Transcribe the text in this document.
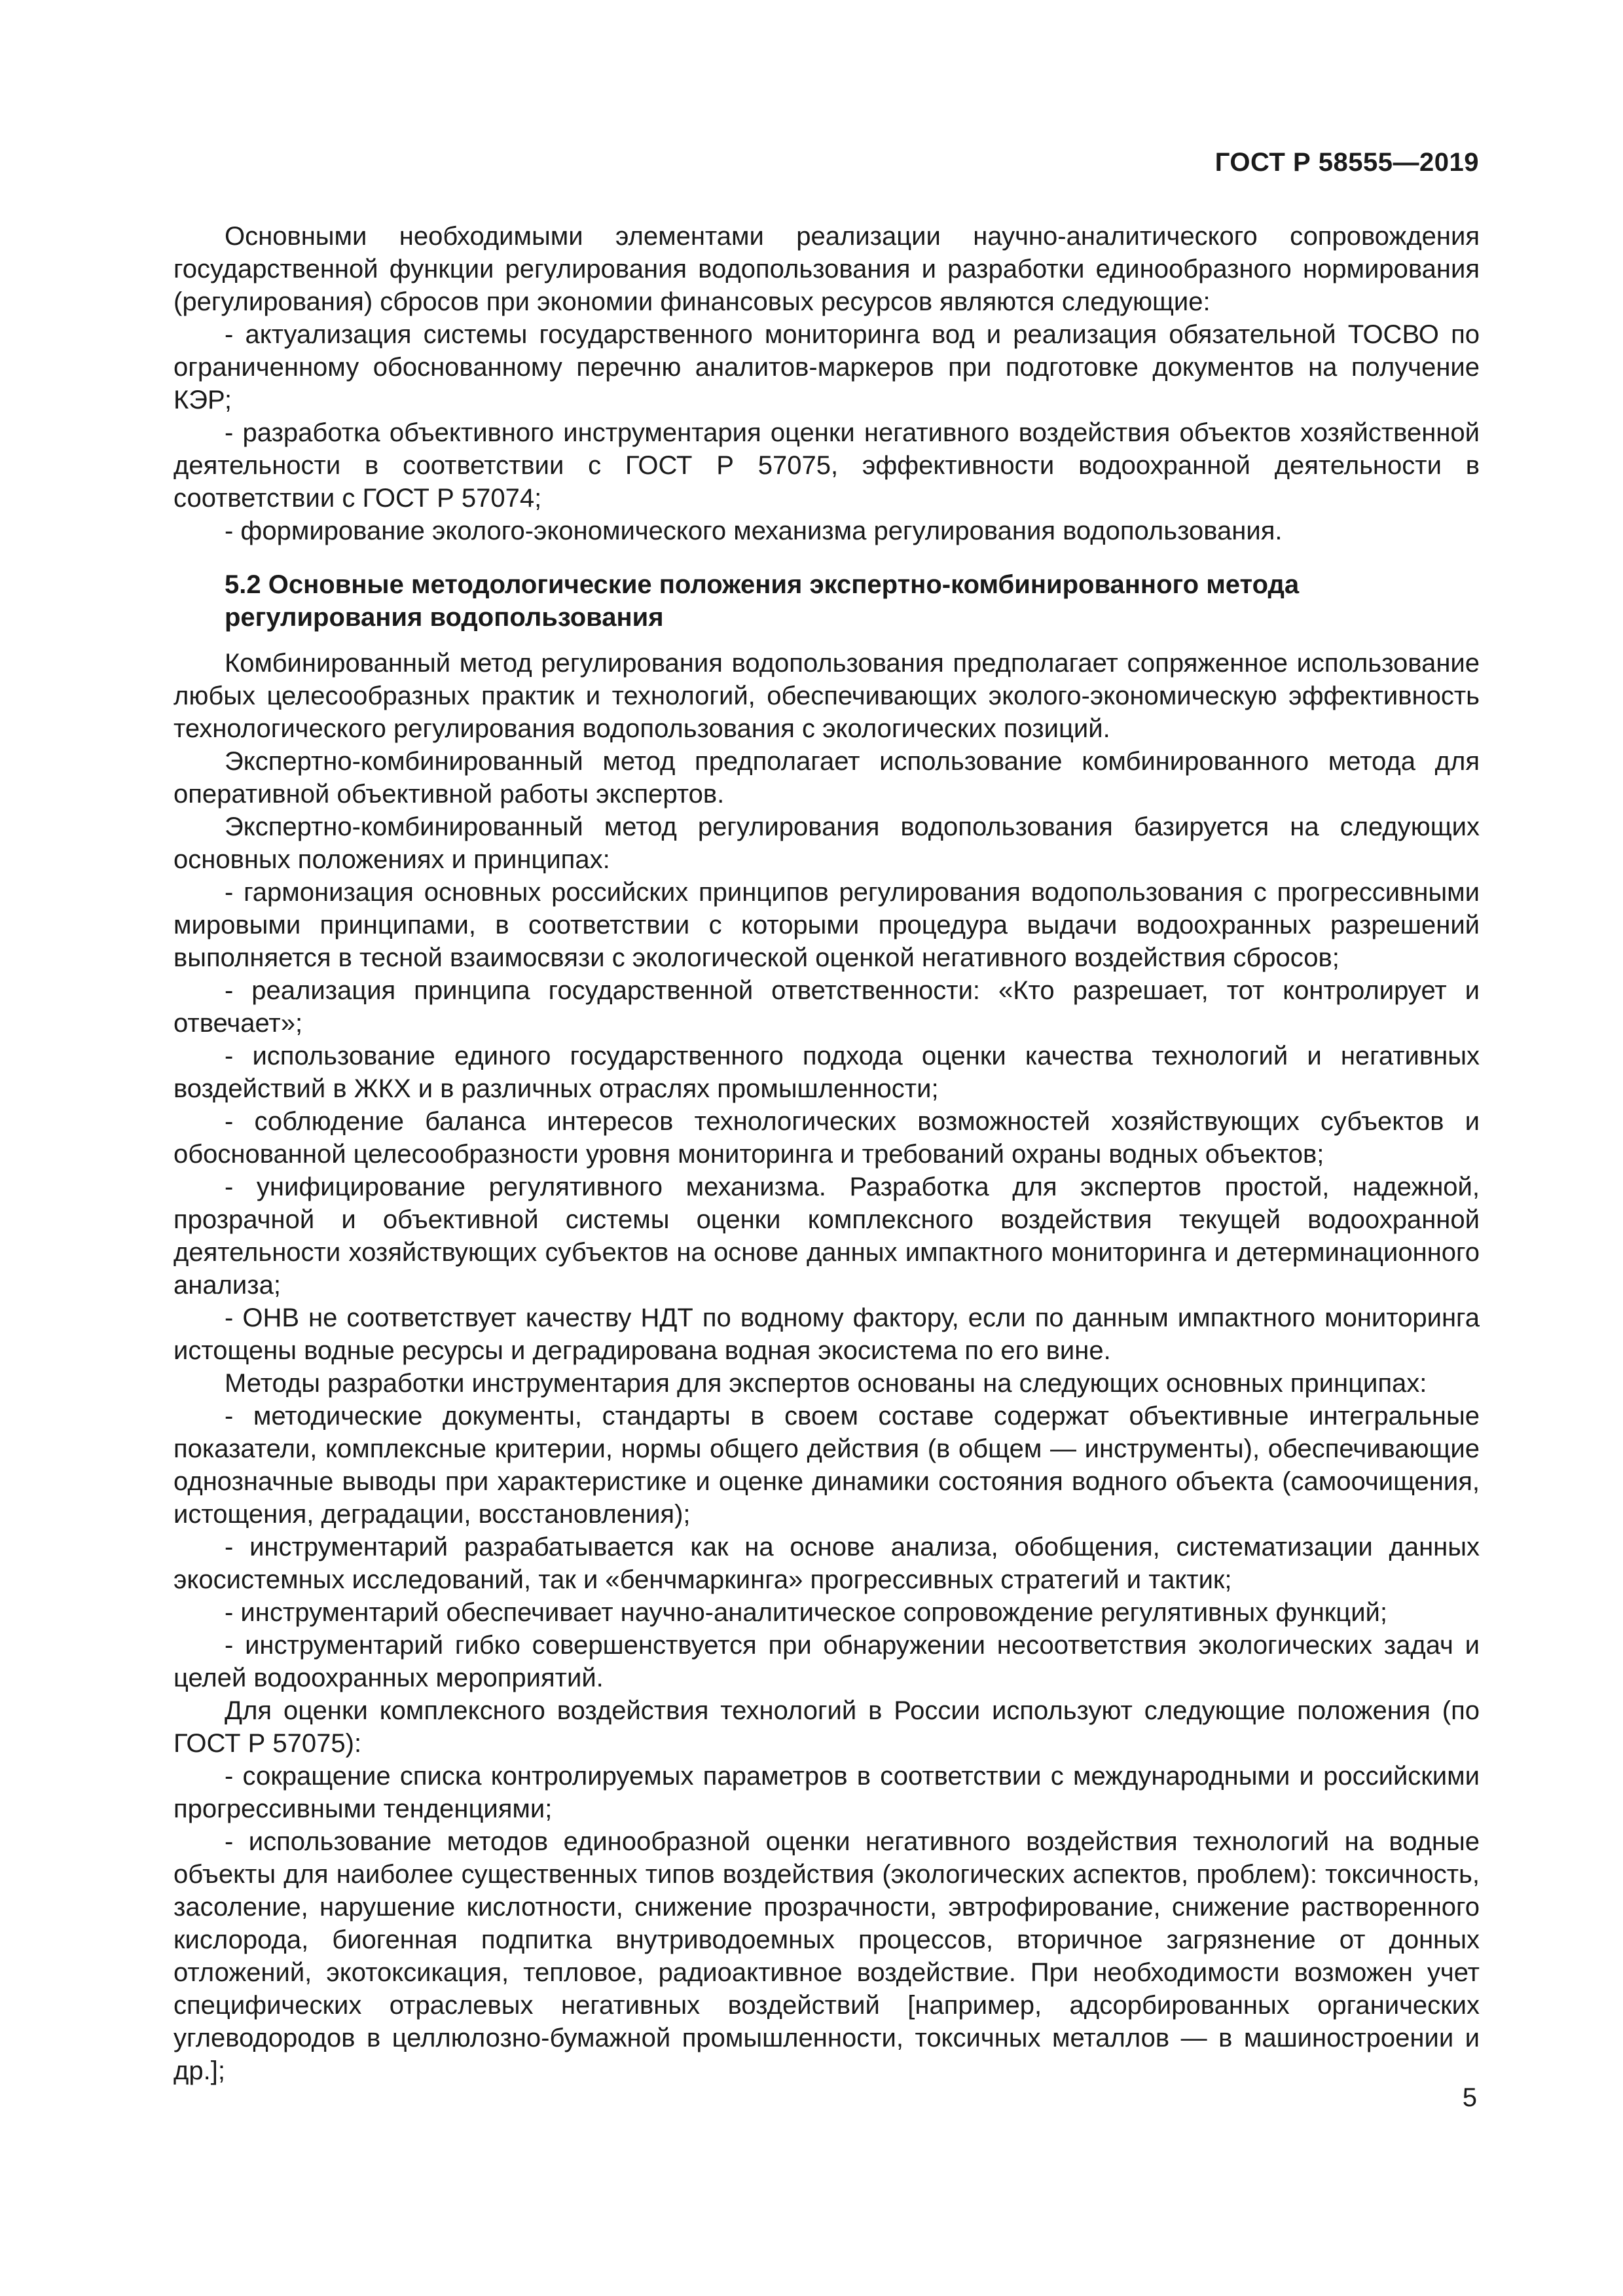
ГОСТ Р 58555—2019

Основными необходимыми элементами реализации научно-аналитического сопровождения государственной функции регулирования водопользования и разработки единообразного нормирования (регулирования) сбросов при экономии финансовых ресурсов являются следующие:

- актуализация системы государственного мониторинга вод и реализация обязательной ТОСВО по ограниченному обоснованному перечню аналитов-маркеров при подготовке документов на получение КЭР;

- разработка объективного инструментария оценки негативного воздействия объектов хозяйственной деятельности в соответствии с ГОСТ Р 57075, эффективности водоохранной деятельности в соответствии с ГОСТ Р 57074;

- формирование эколого-экономического механизма регулирования водопользования.

5.2 Основные методологические положения экспертно-комбинированного метода регулирования водопользования

Комбинированный метод регулирования водопользования предполагает сопряженное использование любых целесообразных практик и технологий, обеспечивающих эколого-экономическую эффективность технологического регулирования водопользования с экологических позиций.

Экспертно-комбинированный метод предполагает использование комбинированного метода для оперативной объективной работы экспертов.

Экспертно-комбинированный метод регулирования водопользования базируется на следующих основных положениях и принципах:

- гармонизация основных российских принципов регулирования водопользования с прогрессивными мировыми принципами, в соответствии с которыми процедура выдачи водоохранных разрешений выполняется в тесной взаимосвязи с экологической оценкой негативного воздействия сбросов;

- реализация принципа государственной ответственности: «Кто разрешает, тот контролирует и отвечает»;

- использование единого государственного подхода оценки качества технологий и негативных воздействий в ЖКХ и в различных отраслях промышленности;

- соблюдение баланса интересов технологических возможностей хозяйствующих субъектов и обоснованной целесообразности уровня мониторинга и требований охраны водных объектов;

- унифицирование регулятивного механизма. Разработка для экспертов простой, надежной, прозрачной и объективной системы оценки комплексного воздействия текущей водоохранной деятельности хозяйствующих субъектов на основе данных импактного мониторинга и детерминационного анализа;

- ОНВ не соответствует качеству НДТ по водному фактору, если по данным импактного мониторинга истощены водные ресурсы и деградирована водная экосистема по его вине.

Методы разработки инструментария для экспертов основаны на следующих основных принципах:

- методические документы, стандарты в своем составе содержат объективные интегральные показатели, комплексные критерии, нормы общего действия (в общем — инструменты), обеспечивающие однозначные выводы при характеристике и оценке динамики состояния водного объекта (самоочищения, истощения, деградации, восстановления);

- инструментарий разрабатывается как на основе анализа, обобщения, систематизации данных экосистемных исследований, так и «бенчмаркинга» прогрессивных стратегий и тактик;

- инструментарий обеспечивает научно-аналитическое сопровождение регулятивных функций;

- инструментарий гибко совершенствуется при обнаружении несоответствия экологических задач и целей водоохранных мероприятий.

Для оценки комплексного воздействия технологий в России используют следующие положения (по ГОСТ Р 57075):

- сокращение списка контролируемых параметров в соответствии с международными и российскими прогрессивными тенденциями;

- использование методов единообразной оценки негативного воздействия технологий на водные объекты для наиболее существенных типов воздействия (экологических аспектов, проблем): токсичность, засоление, нарушение кислотности, снижение прозрачности, эвтрофирование, снижение растворенного кислорода, биогенная подпитка внутриводоемных процессов, вторичное загрязнение от донных отложений, экотоксикация, тепловое, радиоактивное воздействие. При необходимости возможен учет специфических отраслевых негативных воздействий [например, адсорбированных органических углеводородов в целлюлозно-бумажной промышленности, токсичных металлов — в машиностроении и др.];

5
